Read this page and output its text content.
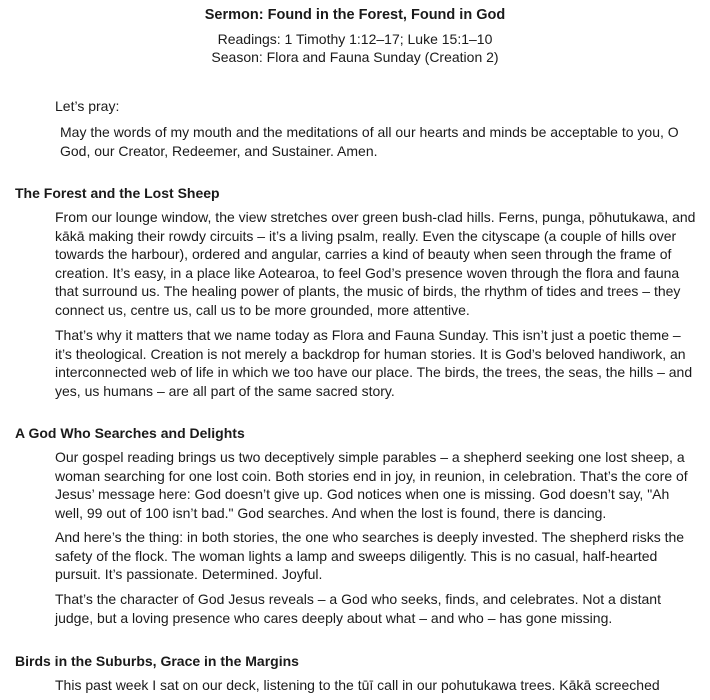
Sermon: Found in the Forest, Found in God
Readings: 1 Timothy 1:12–17; Luke 15:1–10
Season: Flora and Fauna Sunday (Creation 2)

Let’s pray:

May the words of my mouth and the meditations of all our hearts and minds be acceptable to you, O God, our Creator, Redeemer, and Sustainer. Amen.

The Forest and the Lost Sheep

From our lounge window, the view stretches over green bush-clad hills. Ferns, punga, pōhutukawa, and kākā making their rowdy circuits – it’s a living psalm, really. Even the cityscape (a couple of hills over towards the harbour), ordered and angular, carries a kind of beauty when seen through the frame of creation. It’s easy, in a place like Aotearoa, to feel God’s presence woven through the flora and fauna that surround us. The healing power of plants, the music of birds, the rhythm of tides and trees – they connect us, centre us, call us to be more grounded, more attentive.

That’s why it matters that we name today as Flora and Fauna Sunday. This isn’t just a poetic theme – it’s theological. Creation is not merely a backdrop for human stories. It is God’s beloved handiwork, an interconnected web of life in which we too have our place. The birds, the trees, the seas, the hills – and yes, us humans – are all part of the same sacred story.

A God Who Searches and Delights

Our gospel reading brings us two deceptively simple parables – a shepherd seeking one lost sheep, a woman searching for one lost coin. Both stories end in joy, in reunion, in celebration. That’s the core of Jesus’ message here: God doesn’t give up. God notices when one is missing. God doesn’t say, "Ah well, 99 out of 100 isn’t bad." God searches. And when the lost is found, there is dancing.

And here’s the thing: in both stories, the one who searches is deeply invested. The shepherd risks the safety of the flock. The woman lights a lamp and sweeps diligently. This is no casual, half-hearted pursuit. It’s passionate. Determined. Joyful.

That’s the character of God Jesus reveals – a God who seeks, finds, and celebrates. Not a distant judge, but a loving presence who cares deeply about what – and who – has gone missing.

Birds in the Suburbs, Grace in the Margins

This past week I sat on our deck, listening to the tūī call in our pohutukawa trees. Kākā screeched
